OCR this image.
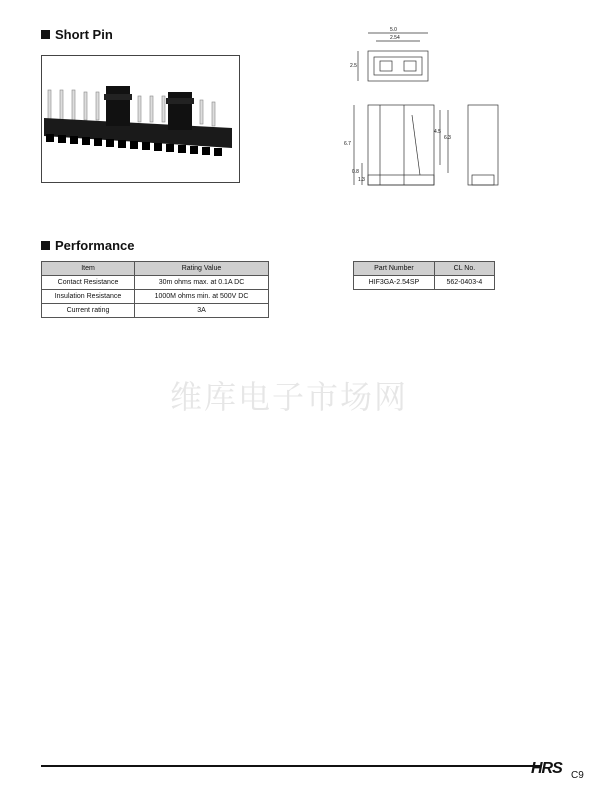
Short Pin	5.0
2.54
2.5
6.7
4.5
6.3
0.8
1.3
Performance
Item	Rating Value
Contact Resistance	30m ohms max. at 0.1A DC
Insulation Resistance	1000M ohms min. at 500V DC
Current rating	3A
Part Number	CL No.
HIF3GA-2.54SP	562-0403-4
维库电子市场网
HRS C9
